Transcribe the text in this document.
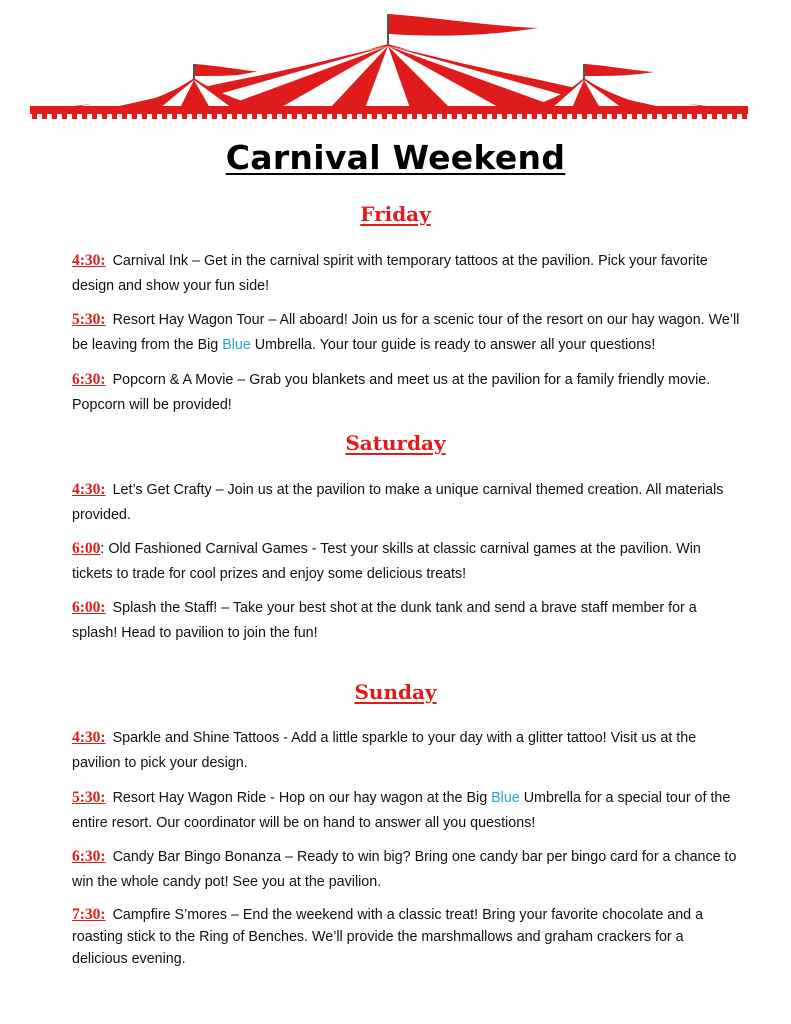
Carnival Weekend
Friday
4:30: Carnival Ink – Get in the carnival spirit with temporary tattoos at the pavilion. Pick your favorite design and show your fun side!
5:30: Resort Hay Wagon Tour – All aboard! Join us for a scenic tour of the resort on our hay wagon. We’ll be leaving from the Big Blue Umbrella. Your tour guide is ready to answer all your questions!
6:30: Popcorn & A Movie – Grab you blankets and meet us at the pavilion for a family friendly movie. Popcorn will be provided!
Saturday
4:30: Let’s Get Crafty – Join us at the pavilion to make a unique carnival themed creation. All materials provided.
6:00: Old Fashioned Carnival Games - Test your skills at classic carnival games at the pavilion. Win tickets to trade for cool prizes and enjoy some delicious treats!
6:00: Splash the Staff! – Take your best shot at the dunk tank and send a brave staff member for a splash! Head to pavilion to join the fun!
Sunday
4:30: Sparkle and Shine Tattoos - Add a little sparkle to your day with a glitter tattoo! Visit us at the pavilion to pick your design.
5:30: Resort Hay Wagon Ride - Hop on our hay wagon at the Big Blue Umbrella for a special tour of the entire resort. Our coordinator will be on hand to answer all you questions!
6:30: Candy Bar Bingo Bonanza – Ready to win big? Bring one candy bar per bingo card for a chance to win the whole candy pot! See you at the pavilion.
7:30: Campfire S’mores – End the weekend with a classic treat! Bring your favorite chocolate and a roasting stick to the Ring of Benches. We’ll provide the marshmallows and graham crackers for a delicious evening.
